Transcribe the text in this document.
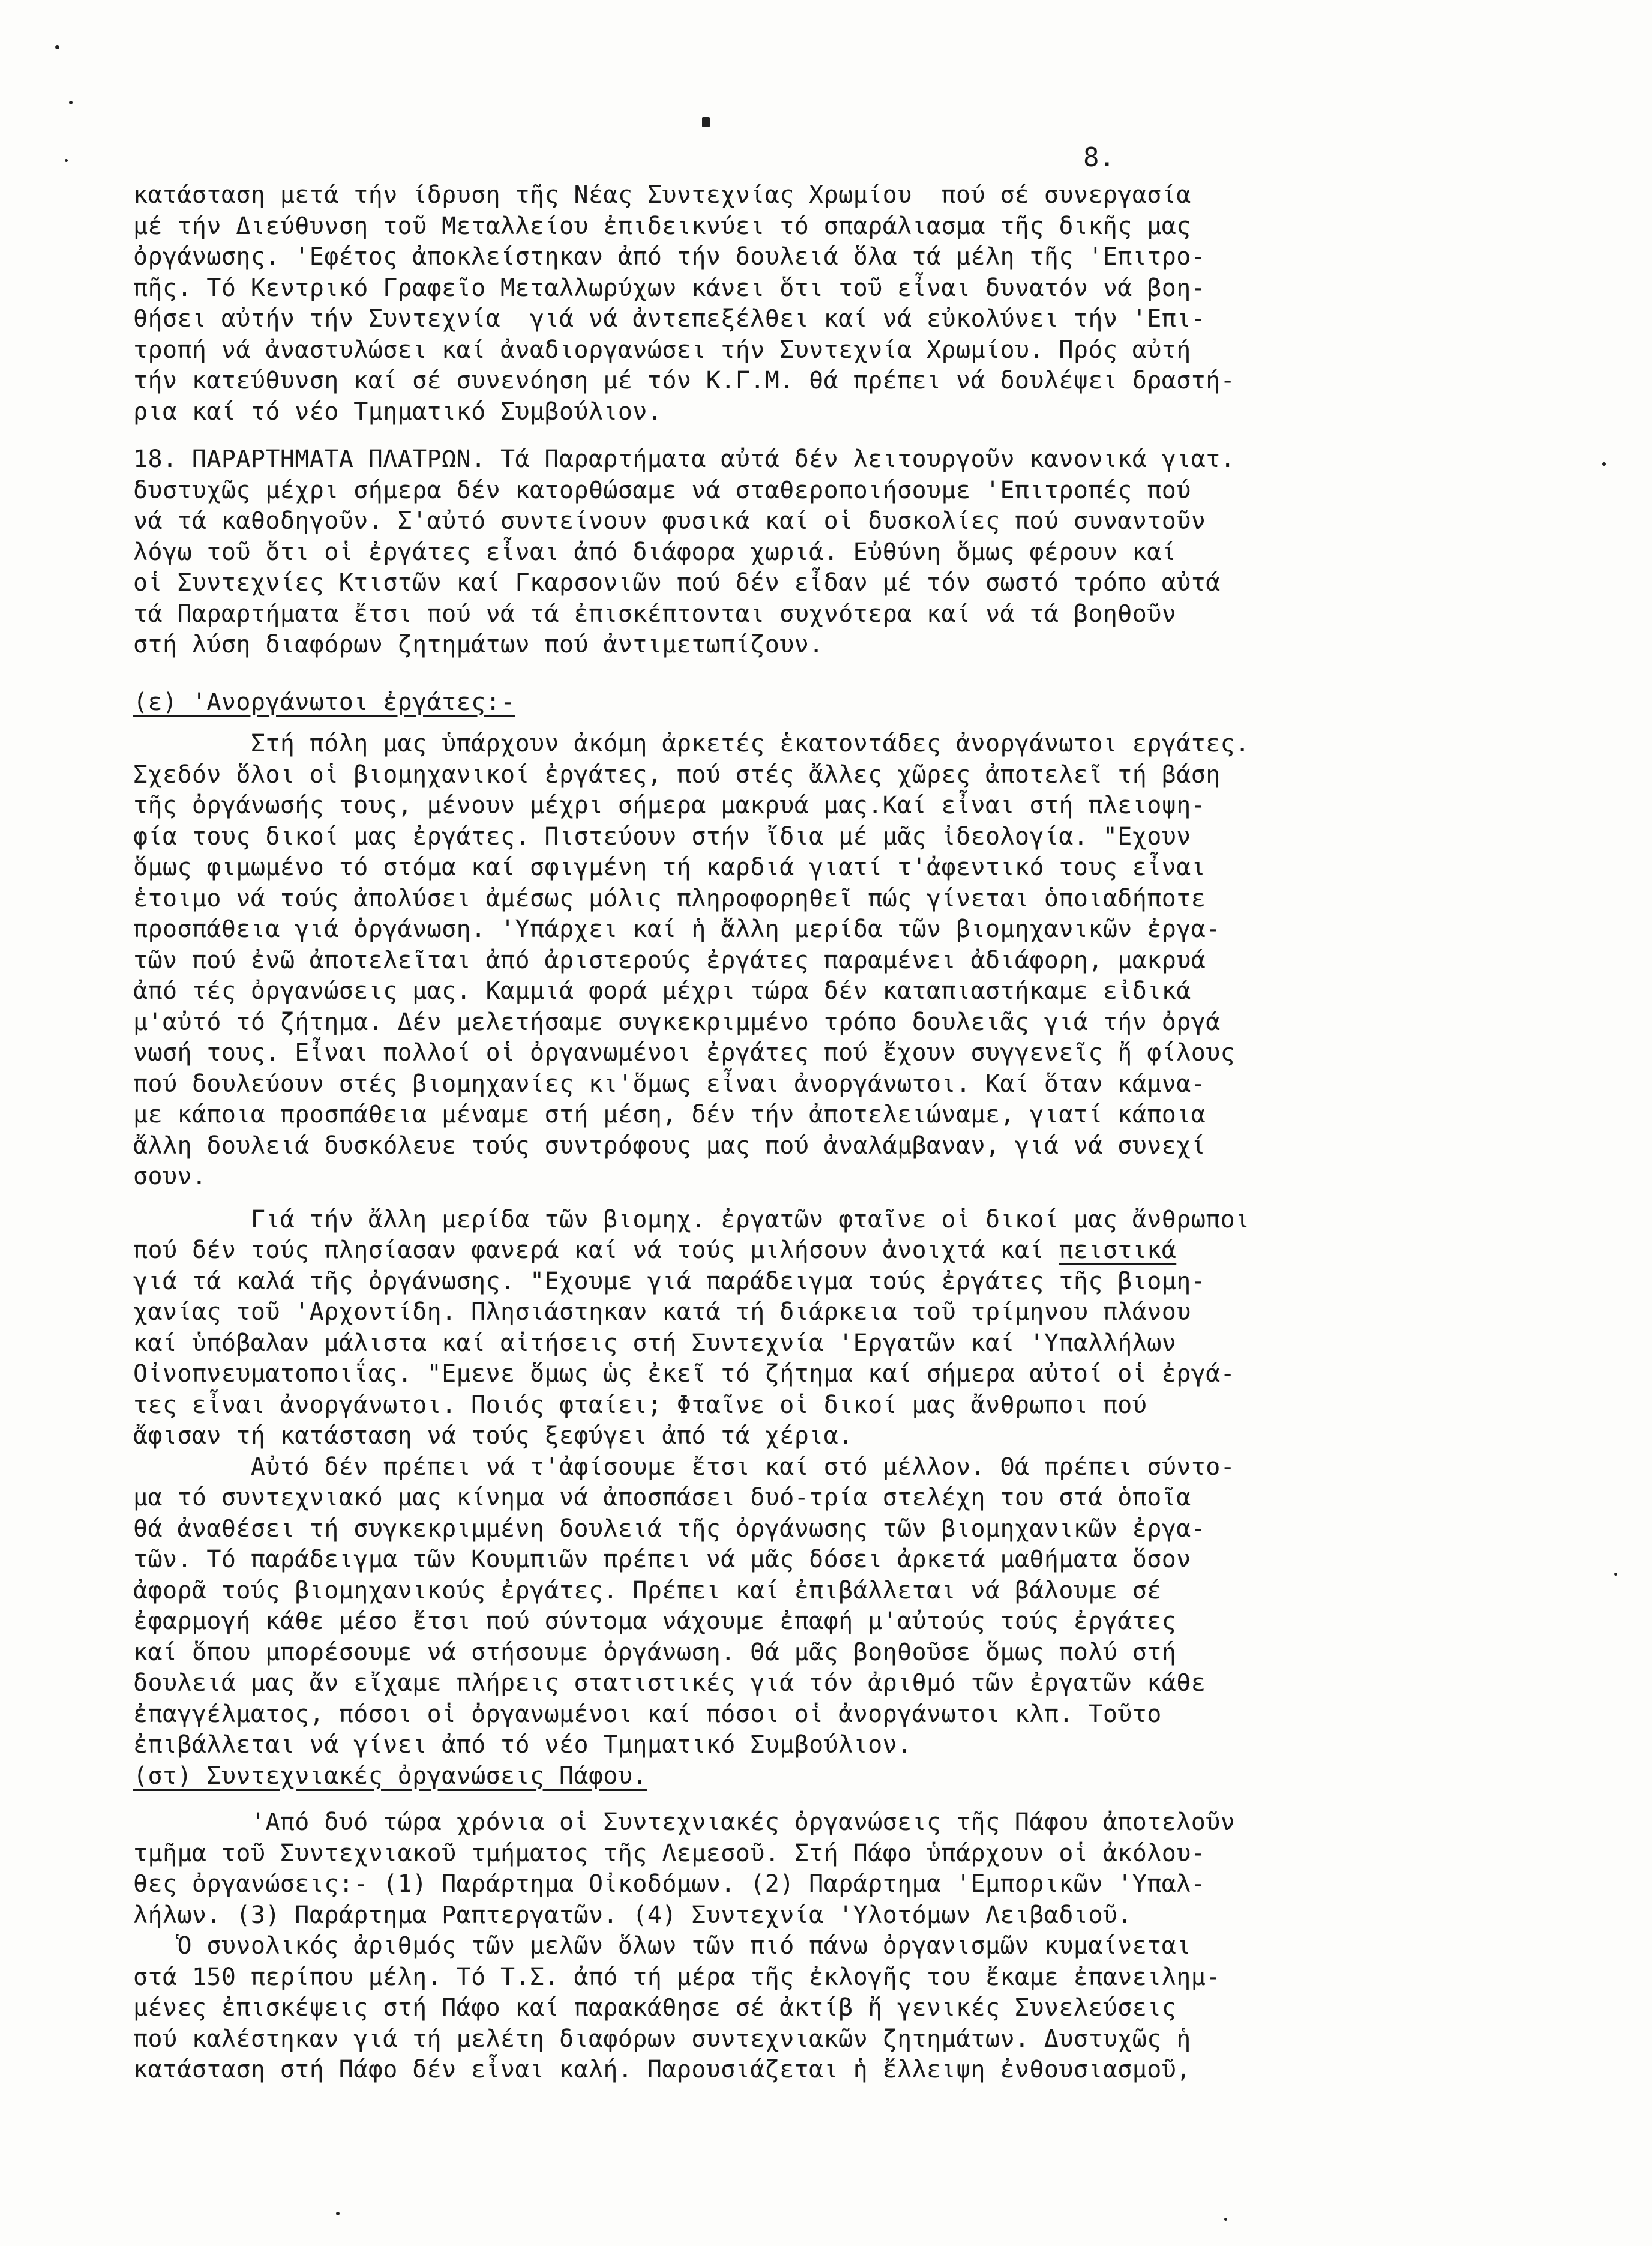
8.
κατάσταση μετά τήν ίδρυση τῆς Νέας Συντεχνίας Χρωμίου  πού σέ συνεργασία
μέ τήν Διεύθυνση τοῦ Μεταλλείου ἐπιδεικνύει τό σπαράλιασμα τῆς δικῆς μας
ὀργάνωσης. 'Εφέτος ἀποκλείστηκαν ἀπό τήν δουλειά ὅλα τά μέλη τῆς 'Επιτρο-
πῆς. Τό Κεντρικό Γραφεῖο Μεταλλωρύχων κάνει ὅτι τοῦ εἶναι δυνατόν νά βοη-
θήσει αὐτήν τήν Συντεχνία  γιά νά ἀντεπεξέλθει καί νά εὐκολύνει τήν 'Επι-
τροπή νά ἀναστυλώσει καί ἀναδιοργανώσει τήν Συντεχνία Χρωμίου. Πρός αὐτή
τήν κατεύθυνση καί σέ συνενόηση μέ τόν Κ.Γ.Μ. θά πρέπει νά δουλέψει δραστή-
ρια καί τό νέο Τμηματικό Συμβούλιον.
18. ΠΑΡΑΡΤΗΜΑΤΑ ΠΛΑΤΡΩΝ. Τά Παραρτήματα αὐτά δέν λειτουργοῦν κανονικά γιατ.
δυστυχῶς μέχρι σήμερα δέν κατορθώσαμε νά σταθεροποιήσουμε 'Επιτροπές πού
νά τά καθοδηγοῦν. Σ'αὐτό συντείνουν φυσικά καί οἱ δυσκολίες πού συναντοῦν
λόγω τοῦ ὅτι οἱ ἐργάτες εἶναι ἀπό διάφορα χωριά. Εὐθύνη ὅμως φέρουν καί
οἱ Συντεχνίες Κτιστῶν καί Γκαρσονιῶν πού δέν εἶδαν μέ τόν σωστό τρόπο αὐτά
τά Παραρτήματα ἔτσι πού νά τά ἐπισκέπτονται συχνότερα καί νά τά βοηθοῦν
στή λύση διαφόρων ζητημάτων πού ἀντιμετωπίζουν.
(ε) 'Ανοργάνωτοι ἐργάτες:-
Στή πόλη μας ὑπάρχουν ἀκόμη ἀρκετές ἑκατοντάδες ἀνοργάνωτοι εργάτες.
Σχεδόν ὅλοι οἱ βιομηχανικοί ἐργάτες, πού στές ἄλλες χῶρες ἀποτελεῖ τή βάση
τῆς ὀργάνωσής τους, μένουν μέχρι σήμερα μακρυά μας.Καί εἶναι στή πλειοψη-
φία τους δικοί μας ἐργάτες. Πιστεύουν στήν ἴδια μέ μᾶς ἰδεολογία. "Εχουν
ὅμως φιμωμένο τό στόμα καί σφιγμένη τή καρδιά γιατί τ'ἀφεντικό τους εἶναι
ἑτοιμο νά τούς ἀπολύσει ἀμέσως μόλις πληροφορηθεῖ πώς γίνεται ὁποιαδήποτε
προσπάθεια γιά ὀργάνωση. 'Υπάρχει καί ἡ ἄλλη μερίδα τῶν βιομηχανικῶν ἐργα-
τῶν πού ἐνῶ ἀποτελεῖται ἀπό ἀριστερούς ἐργάτες παραμένει ἀδιάφορη, μακρυά
ἀπό τές ὀργανώσεις μας. Καμμιά φορά μέχρι τώρα δέν καταπιαστήκαμε εἰδικά
μ'αὐτό τό ζήτημα. Δέν μελετήσαμε συγκεκριμμένο τρόπο δουλειᾶς γιά τήν ὀργά
νωσή τους. Εἶναι πολλοί οἱ ὀργανωμένοι ἐργάτες πού ἔχουν συγγενεῖς ἤ φίλους
πού δουλεύουν στές βιομηχανίες κι'ὅμως εἶναι ἀνοργάνωτοι. Καί ὅταν κάμνα-
με κάποια προσπάθεια μέναμε στή μέση, δέν τήν ἀποτελειώναμε, γιατί κάποια
ἄλλη δουλειά δυσκόλευε τούς συντρόφους μας πού ἀναλάμβαναν, γιά νά συνεχί
σουν.
Γιά τήν ἄλλη μερίδα τῶν βιομηχ. ἐργατῶν φταῖνε οἱ δικοί μας ἄνθρωποι
πού δέν τούς πλησίασαν φανερά καί νά τούς μιλήσουν ἀνοιχτά καί πειστικά
γιά τά καλά τῆς ὀργάνωσης. "Εχουμε γιά παράδειγμα τούς ἐργάτες τῆς βιομη-
χανίας τοῦ 'Αρχοντίδη. Πλησιάστηκαν κατά τή διάρκεια τοῦ τρίμηνου πλάνου
καί ὑπόβαλαν μάλιστα καί αἰτήσεις στή Συντεχνία 'Εργατῶν καί 'Υπαλλήλων
Οἰνοπνευματοποιΐας. "Εμενε ὅμως ὡς ἐκεῖ τό ζήτημα καί σήμερα αὐτοί οἱ ἐργά-
τες εἶναι ἀνοργάνωτοι. Ποιός φταίει; Φταῖνε οἱ δικοί μας ἄνθρωποι πού
ἄφισαν τή κατάσταση νά τούς ξεφύγει ἀπό τά χέρια.
Αὐτό δέν πρέπει νά τ'ἀφίσουμε ἔτσι καί στό μέλλον. Θά πρέπει σύντο-
μα τό συντεχνιακό μας κίνημα νά ἀποσπάσει δυό-τρία στελέχη του στά ὁποῖα
θά ἀναθέσει τή συγκεκριμμένη δουλειά τῆς ὀργάνωσης τῶν βιομηχανικῶν ἐργα-
τῶν. Τό παράδειγμα τῶν Κουμπιῶν πρέπει νά μᾶς δόσει ἀρκετά μαθήματα ὅσον
ἀφορᾶ τούς βιομηχανικούς ἐργάτες. Πρέπει καί ἐπιβάλλεται νά βάλουμε σέ
ἐφαρμογή κάθε μέσο ἔτσι πού σύντομα νάχουμε ἐπαφή μ'αὐτούς τούς ἐργάτες
καί ὅπου μπορέσουμε νά στήσουμε ὀργάνωση. Θά μᾶς βοηθοῦσε ὅμως πολύ στή
δουλειά μας ἄν εἴχαμε πλήρεις στατιστικές γιά τόν ἀριθμό τῶν ἐργατῶν κάθε
ἐπαγγέλματος, πόσοι οἱ ὀργανωμένοι καί πόσοι οἱ ἀνοργάνωτοι κλπ. Τοῦτο
ἐπιβάλλεται νά γίνει ἀπό τό νέο Τμηματικό Συμβούλιον.
(στ) Συντεχνιακές ὀργανώσεις Πάφου.
'Από δυό τώρα χρόνια οἱ Συντεχνιακές ὀργανώσεις τῆς Πάφου ἀποτελοῦν
τμῆμα τοῦ Συντεχνιακοῦ τμήματος τῆς Λεμεσοῦ. Στή Πάφο ὑπάρχουν οἱ ἀκόλου-
θες ὀργανώσεις:- (1) Παράρτημα Οἰκοδόμων. (2) Παράρτημα 'Εμπορικῶν 'Υπαλ-
λήλων. (3) Παράρτημα Ραπτεργατῶν. (4) Συντεχνία 'Υλοτόμων Λειβαδιοῦ.
Ὁ συνολικός ἀριθμός τῶν μελῶν ὅλων τῶν πιό πάνω ὀργανισμῶν κυμαίνεται
στά 150 περίπου μέλη. Τό Τ.Σ. ἀπό τή μέρα τῆς ἐκλογῆς του ἔκαμε ἐπανειλημ-
μένες ἐπισκέψεις στή Πάφο καί παρακάθησε σέ ἀκτίβ ἤ γενικές Συνελεύσεις
πού καλέστηκαν γιά τή μελέτη διαφόρων συντεχνιακῶν ζητημάτων. Δυστυχῶς ἡ
κατάσταση στή Πάφο δέν εἶναι καλή. Παρουσιάζεται ἡ ἔλλειψη ἐνθουσιασμοῦ,
